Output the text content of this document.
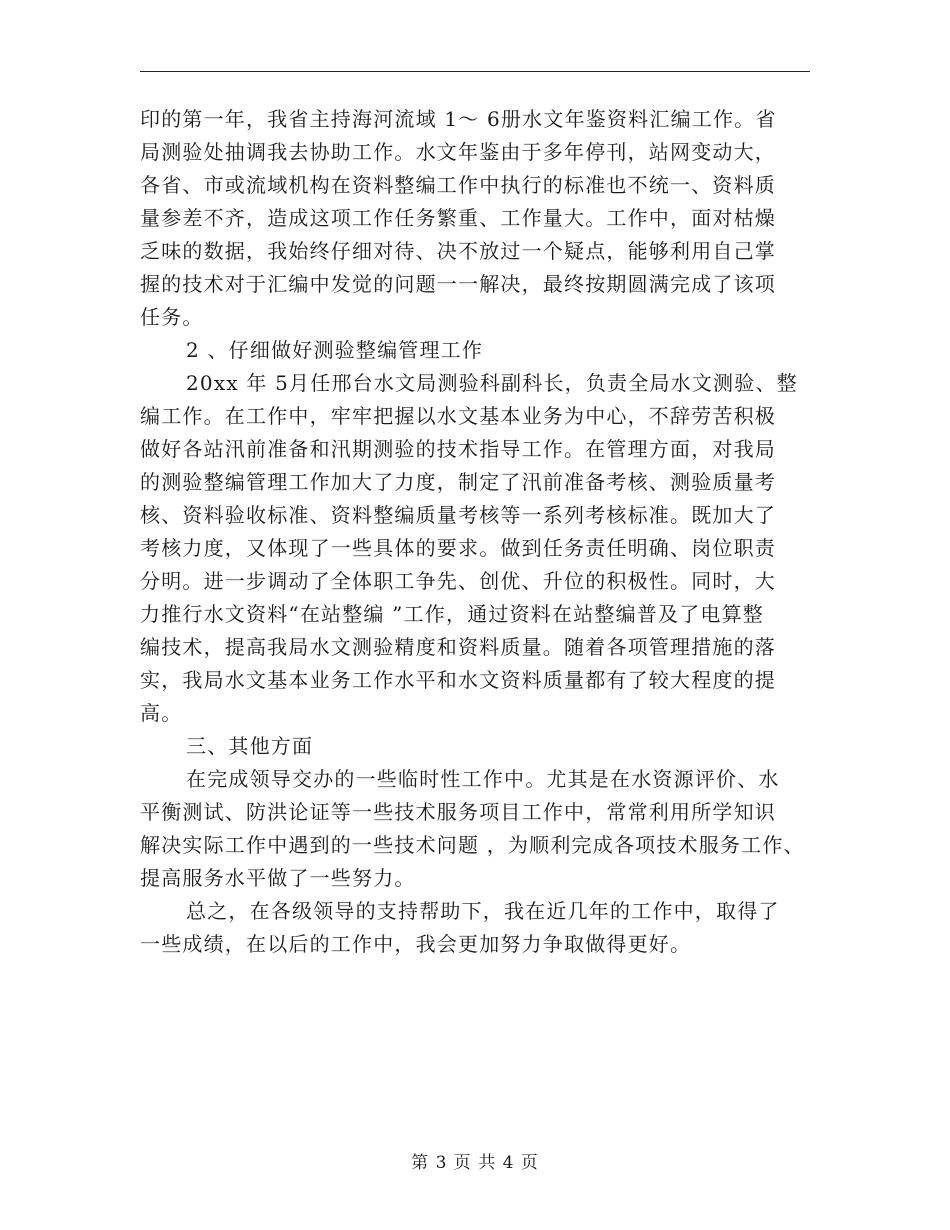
印的第一年，我省主持海河流域 1～ 6册水文年鉴资料汇编工作。省
局测验处抽调我去协助工作。水文年鉴由于多年停刊，站网变动大，
各省、市或流域机构在资料整编工作中执行的标准也不统一、资料质
量参差不齐，造成这项工作任务繁重、工作量大。工作中，面对枯燥
乏味的数据，我始终仔细对待、决不放过一个疑点，能够利用自己掌
握的技术对于汇编中发觉的问题一一解决，最终按期圆满完成了该项
任务。
2 、仔细做好测验整编管理工作
20xx 年 5月任邢台水文局测验科副科长，负责全局水文测验、整
编工作。在工作中，牢牢把握以水文基本业务为中心，不辞劳苦积极
做好各站汛前准备和汛期测验的技术指导工作。在管理方面，对我局
的测验整编管理工作加大了力度，制定了汛前准备考核、测验质量考
核、资料验收标准、资料整编质量考核等一系列考核标准。既加大了
考核力度，又体现了一些具体的要求。做到任务责任明确、岗位职责
分明。进一步调动了全体职工争先、创优、升位的积极性。同时，大
力推行水文资料“在站整编 ”工作，通过资料在站整编普及了电算整
编技术，提高我局水文测验精度和资料质量。随着各项管理措施的落
实，我局水文基本业务工作水平和水文资料质量都有了较大程度的提
高。
三、其他方面
在完成领导交办的一些临时性工作中。尤其是在水资源评价、水
平衡测试、防洪论证等一些技术服务项目工作中，常常利用所学知识
解决实际工作中遇到的一些技术问题 ，为顺利完成各项技术服务工作、
提高服务水平做了一些努力。
总之，在各级领导的支持帮助下，我在近几年的工作中，取得了
一些成绩，在以后的工作中，我会更加努力争取做得更好。
第 3 页 共 4 页
